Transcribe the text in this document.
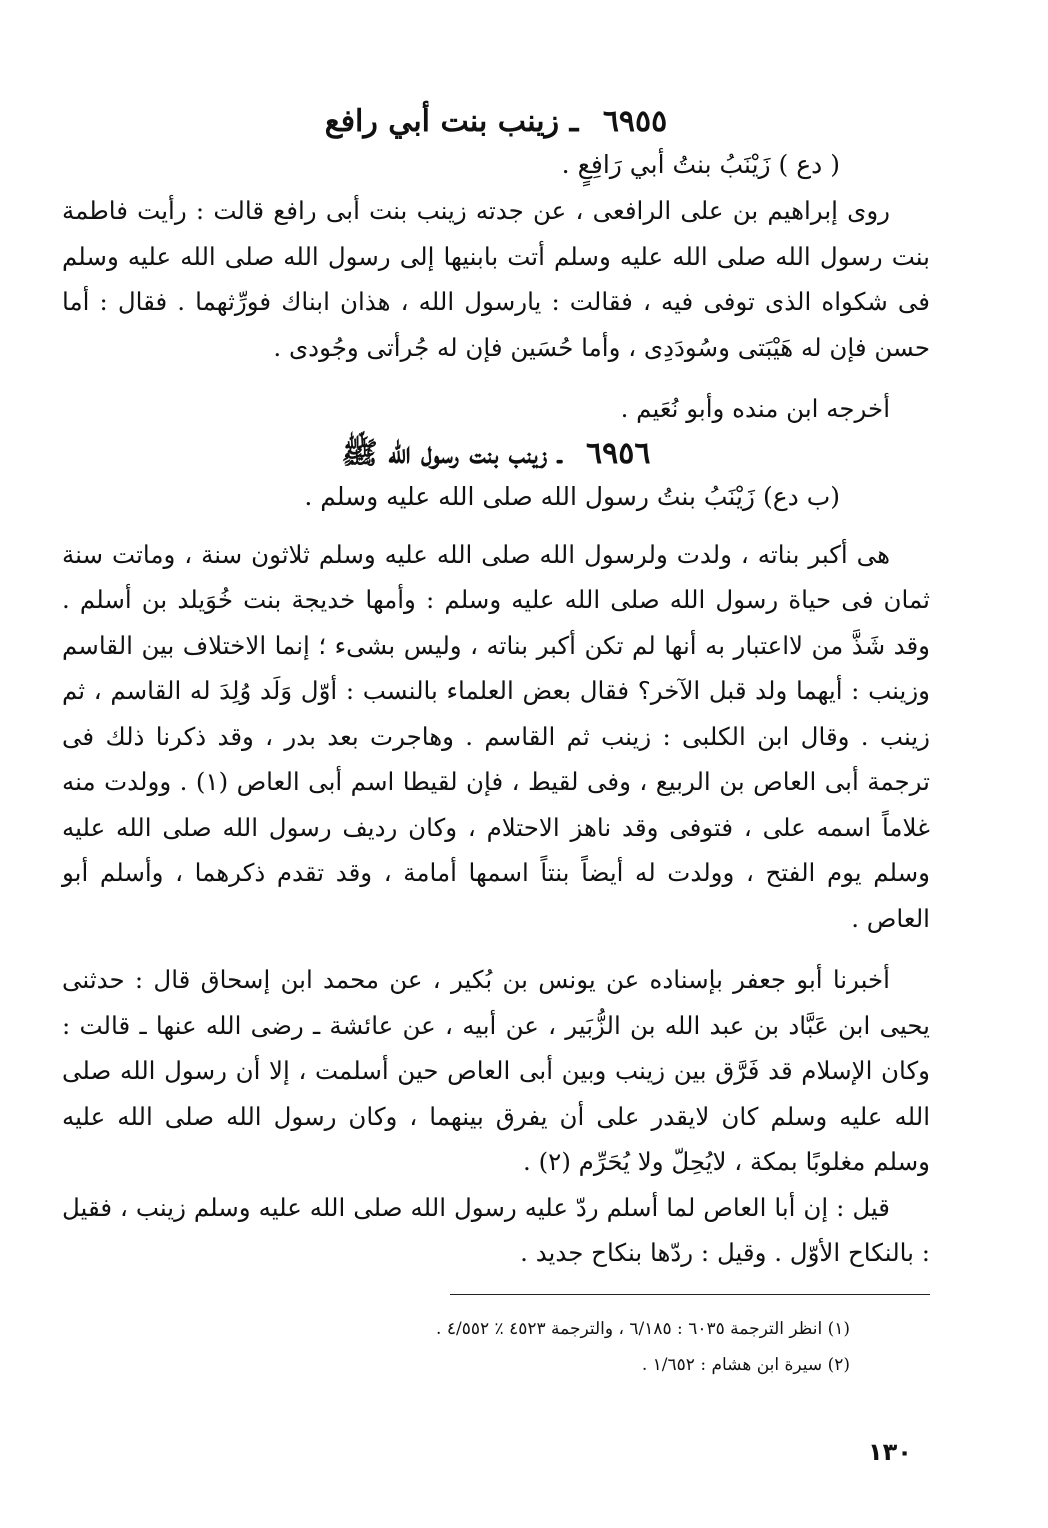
٦٩٥٥ ـ زينب بنت أبي رافع
( دع ) زَيْنَبُ بنتُ أبي رَافِعٍ .

روى إبراهيم بن على الرافعى ، عن جدته زينب بنت أبى رافع قالت : رأيت فاطمة بنت رسول الله صلى الله عليه وسلم أتت بابنيها إلى رسول الله صلى الله عليه وسلم فى شكواه الذى توفى فيه ، فقالت : يارسول الله ، هذان ابناك فورِّثهما . فقال : أما حسن فإن له هَيْبَتى وسُودَدِى ، وأما حُسَين فإن له جُرأتى وجُودى .

أخرجه ابن منده وأبو نُعَيم .

٦٩٥٦ ـ زينب بنت رسول الله ﷺ
(ب دع) زَيْنَبُ بنتُ رسول الله صلى الله عليه وسلم .

هى أكبر بناته ، ولدت ولرسول الله صلى الله عليه وسلم ثلاثون سنة ، وماتت سنة ثمان فى حياة رسول الله صلى الله عليه وسلم : وأمها خديجة بنت خُوَيلد بن أسلم . وقد شَذَّ من لااعتبار به أنها لم تكن أكبر بناته ، وليس بشىء ؛ إنما الاختلاف بين القاسم وزينب : أيهما ولد قبل الآخر؟ فقال بعض العلماء بالنسب : أوّل وَلَد وُلِدَ له القاسم ، ثم زينب . وقال ابن الكلبى : زينب ثم القاسم . وهاجرت بعد بدر ، وقد ذكرنا ذلك فى ترجمة أبى العاص بن الربيع ، وفى لقيط ، فإن لقيطا اسم أبى العاص (١) . وولدت منه غلاماً اسمه على ، فتوفى وقد ناهز الاحتلام ، وكان رديف رسول الله صلى الله عليه وسلم يوم الفتح ، وولدت له أيضاً بنتاً اسمها أمامة ، وقد تقدم ذكرهما ، وأسلم أبو العاص .

أخبرنا أبو جعفر بإسناده عن يونس بن بُكير ، عن محمد ابن إسحاق قال : حدثنى يحيى ابن عَبَّاد بن عبد الله بن الزُّبَير ، عن أبيه ، عن عائشة ـ رضى الله عنها ـ قالت : وكان الإسلام قد فَرَّق بين زينب وبين أبى العاص حين أسلمت ، إلا أن رسول الله صلى الله عليه وسلم كان لايقدر على أن يفرق بينهما ، وكان رسول الله صلى الله عليه وسلم مغلوبًا بمكة ، لايُحِلّ ولا يُحَرِّم (٢) .

قيل : إن أبا العاص لما أسلم ردّ عليه رسول الله صلى الله عليه وسلم زينب ، فقيل : بالنكاح الأوّل . وقيل : ردّها بنكاح جديد .

(١) انظر الترجمة ٦٠٣٥ : ٦/١٨٥ ، والترجمة ٤٥٢٣ ٪ ٤/٥٥٢ .

(٢) سيرة ابن هشام : ١/٦٥٢ .

١٣٠
